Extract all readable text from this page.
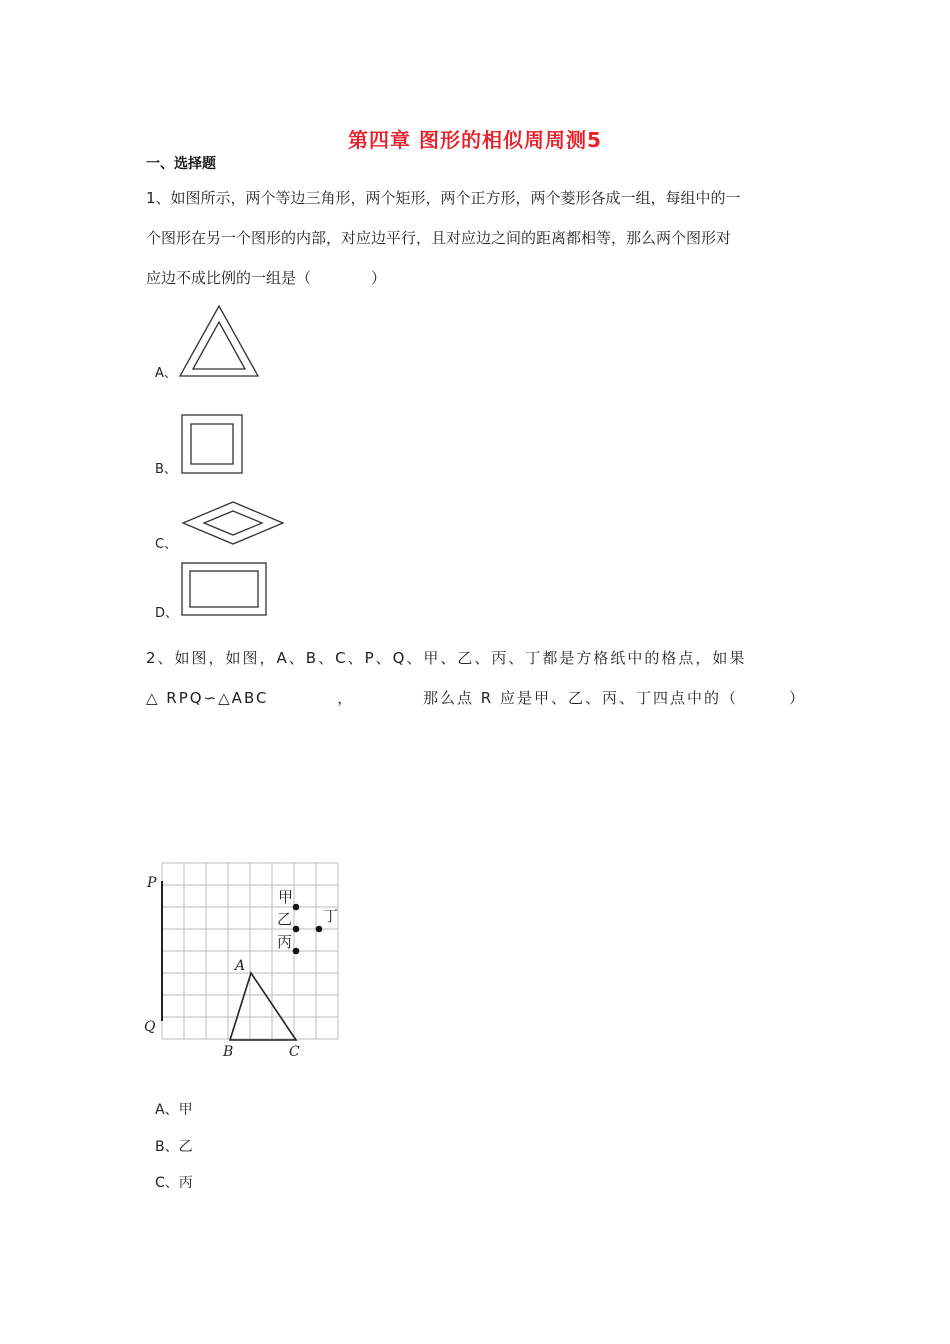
第四章 图形的相似周周测5
一、选择题
1、如图所示，两个等边三角形，两个矩形，两个正方形，两个菱形各成一组，每组中的一
个图形在另一个图形的内部，对应边平行，且对应边之间的距离都相等，那么两个图形对
应边不成比例的一组是（　　　　）
A、
B、
C、
D、
2、如图，如图，A、B、C、P、Q、甲、乙、丙、丁都是方格纸中的格点，如果
△ RPQ∽△ABC	，	那么点 R 应是甲、乙、丙、丁四点中的（　　　）
P
Q
A
B	C
甲
乙
丙
丁
A、甲
B、乙
C、丙
